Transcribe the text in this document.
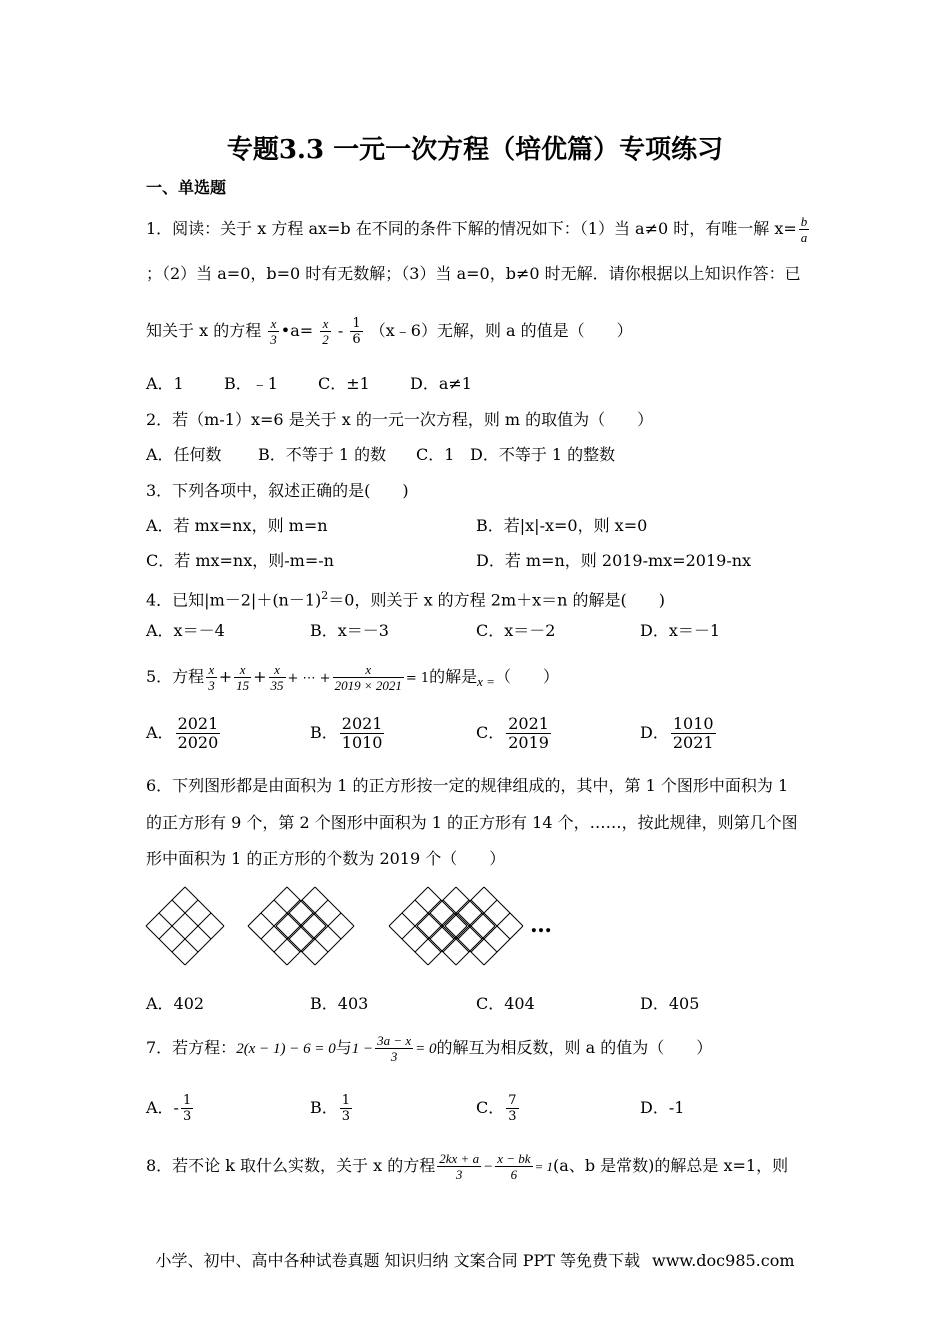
专题3.3 一元一次方程（培优篇）专项练习
一、单选题
1．阅读：关于 x 方程 ax=b 在不同的条件下解的情况如下：（1）当 a≠0 时，有唯一解 $x= \frac{b}{a}$
；（2）当 a=0，b=0 时有无数解；（3）当 a=0，b≠0 时无解．请你根据以上知识作答：已
知关于 x 的方程 $\frac{x}{3}$ •a= $\frac{x}{2} - \frac{1}{6}$ （x﹣6）无解，则 a 的值是（　　）
A．1	B．﹣1	C．±1	D．a≠1
2．若（m-1）x=6 是关于 x 的一元一次方程，则 m 的取值为（　　）
A．任何数 B．不等于 1 的数 C．1 D．不等于 1 的整数
3．下列各项中，叙述正确的是(　　)
A．若 mx=nx，则 m=n	B．若|x|-x=0，则 x=0
C．若 mx=nx，则-m=-n	D．若 m=n，则 2019-mx=2019-nx
4．已知$|m-2|+(n-1)^2=0$，则关于 x 的方程 2m＋x＝n 的解是(　　)
A．x＝－4	B．x＝－3	C．x＝－2	D．x＝－1
5．方程 $\frac{x}{3} + \frac{x}{15} + \frac{x}{35}$ + ⋯ + $\frac{x}{2019 \times 2021} = 1$的解是$_{x =}$（　　）
A． $\frac{2021}{2020}$	B． $\frac{2021}{1010}$	C． $\frac{2021}{2019}$	D． $\frac{1010}{2021}$
6．下列图形都是由面积为 1 的正方形按一定的规律组成的，其中，第 1 个图形中面积为 1
的正方形有 9 个，第 2 个图形中面积为 1 的正方形有 14 个，……，按此规律，则第几个图
形中面积为 1 的正方形的个数为 2019 个（　　）
…
A．402	B．403	C．404	D．405
7．若方程：2(x − 1) − 6 = 0与$1 - \frac{3a - x}{3} = 0$的解互为相反数，则 a 的值为（　　）
A．- $\frac{1}{3}$	B． $\frac{1}{3}$	C． $\frac{7}{3}$	D．-1
8．若不论 k 取什么实数，关于 x 的方程 $\frac{2kx + a}{3} - \frac{x - bk}{6} = 1(a$、b 是常数)的解总是 x=1，则
小学、初中、高中各种试卷真题 知识归纳 文案合同 PPT 等免费下载 www.doc985.com
